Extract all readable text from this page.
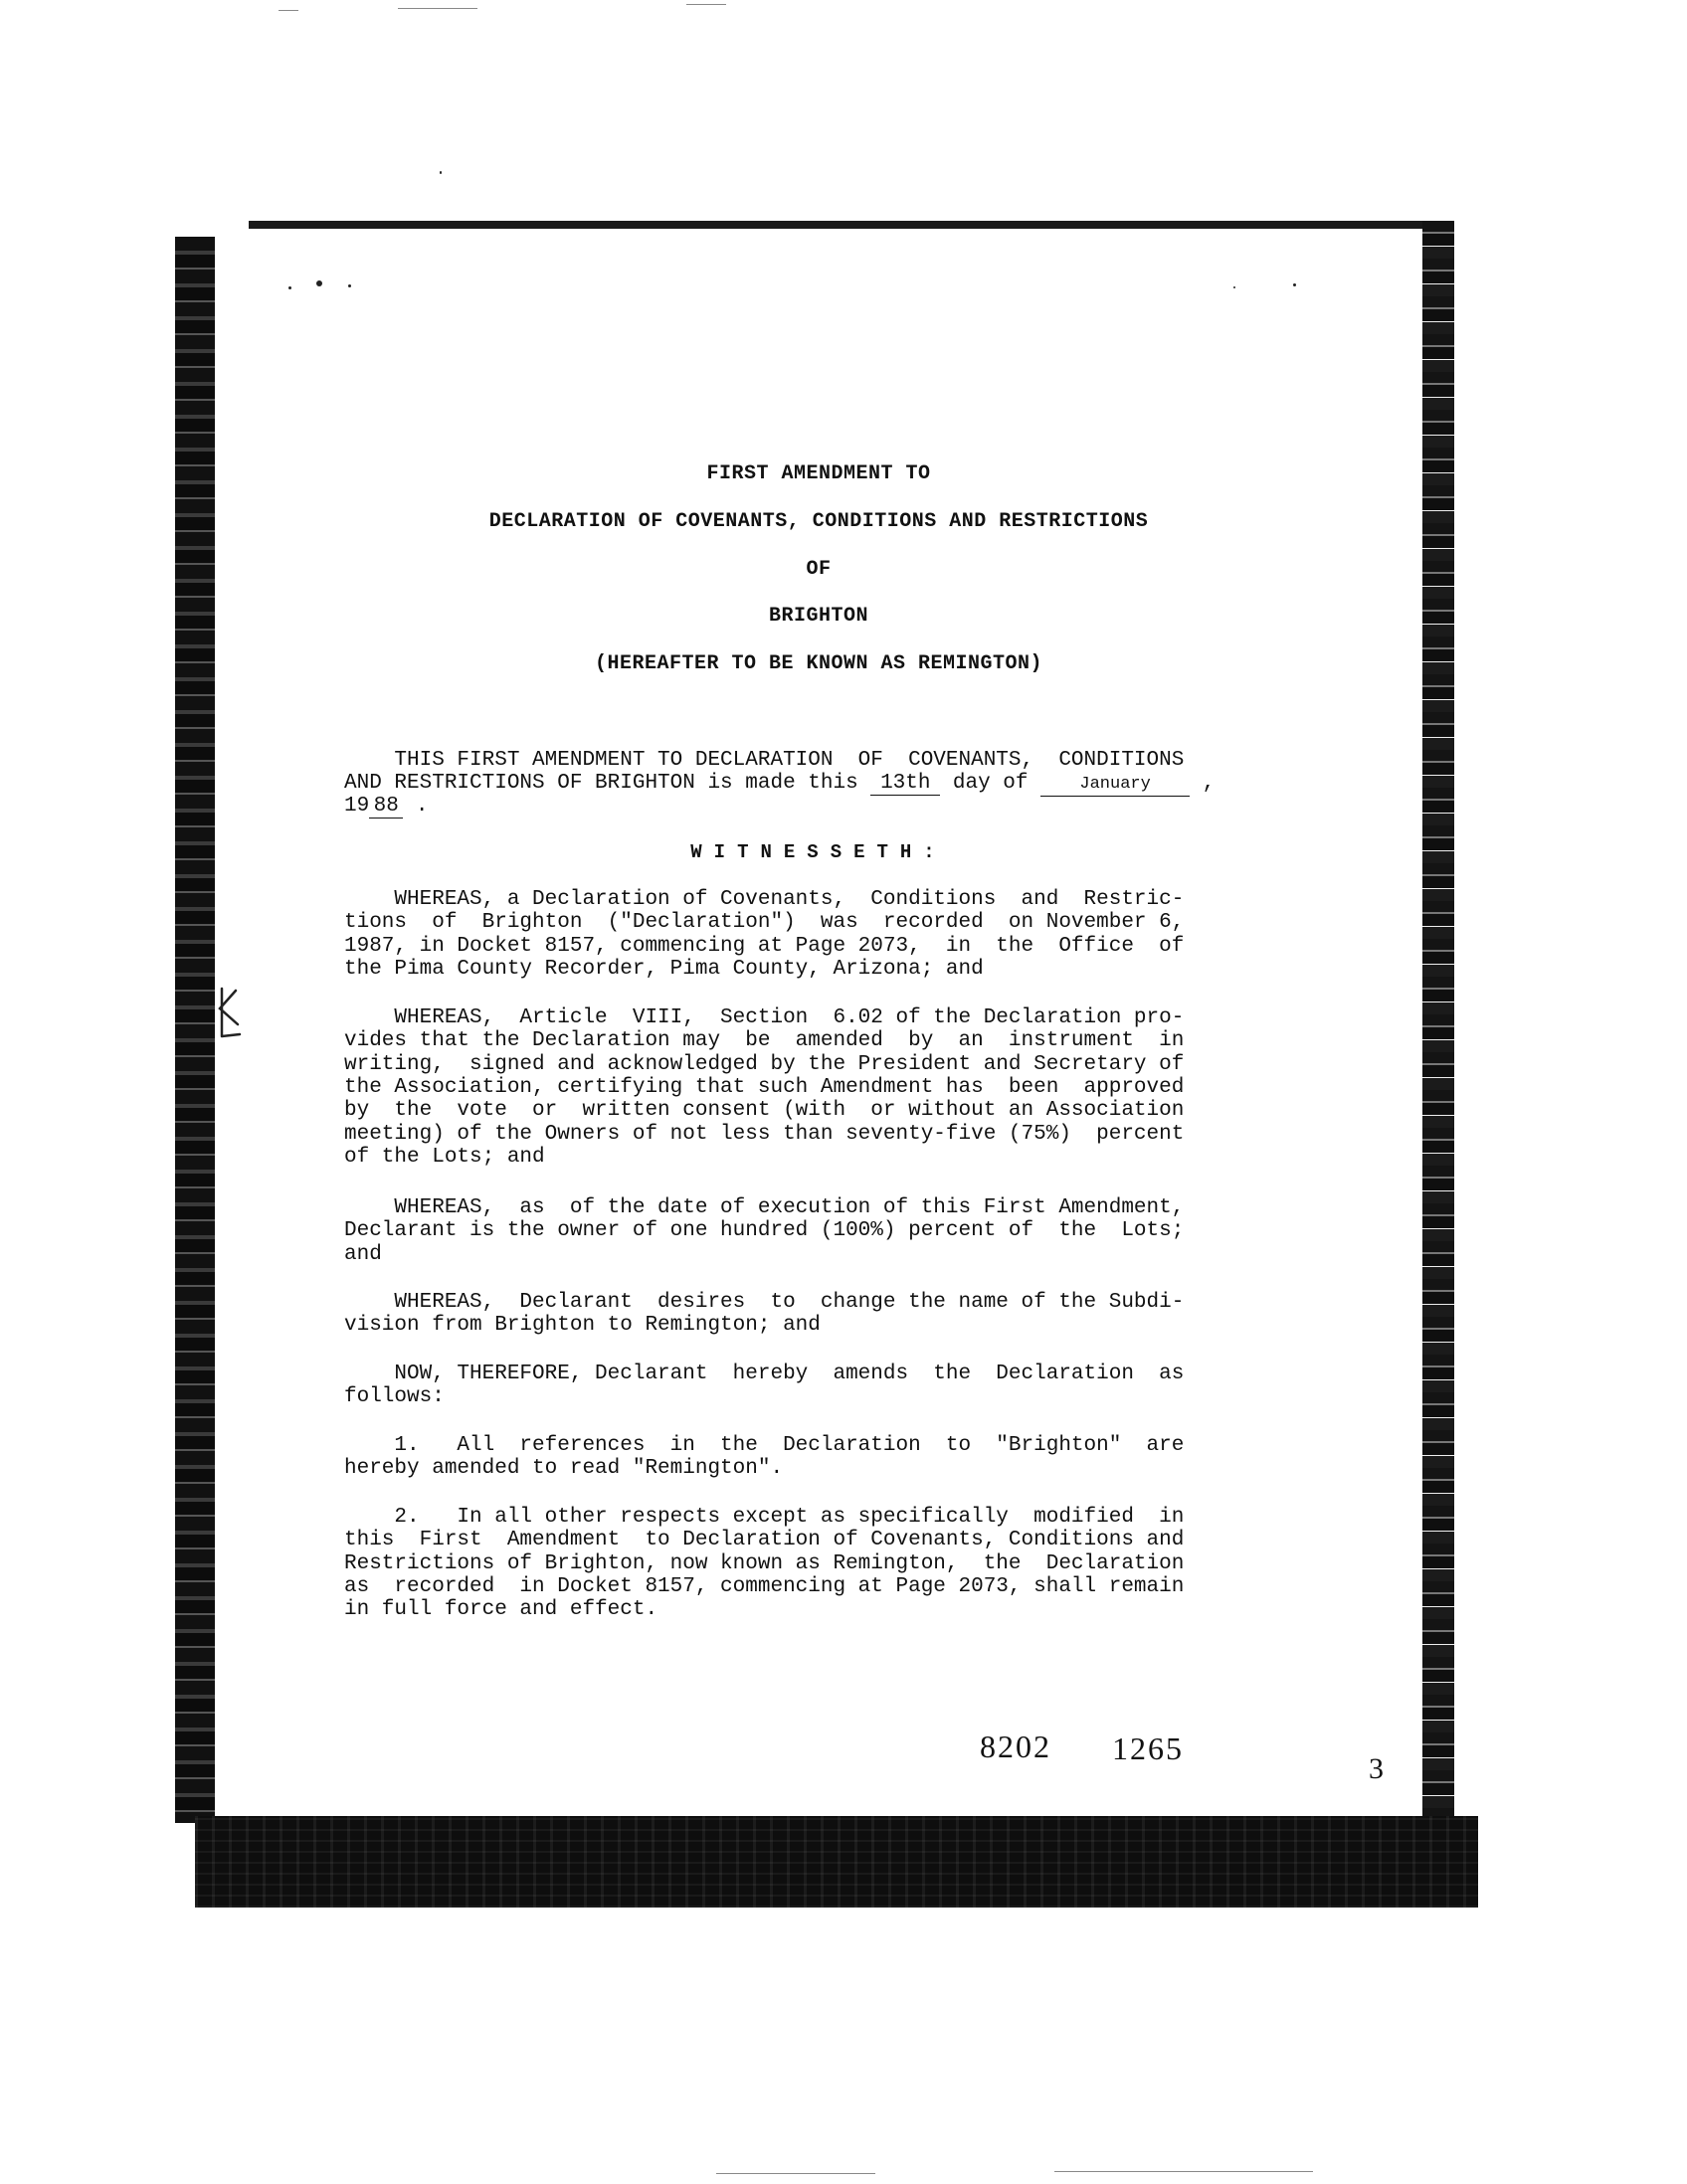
FIRST AMENDMENT TO
DECLARATION OF COVENANTS, CONDITIONS AND RESTRICTIONS
OF
BRIGHTON
(HEREAFTER TO BE KNOWN AS REMINGTON)
THIS FIRST AMENDMENT TO DECLARATION  OF  COVENANTS,  CONDITIONS
AND RESTRICTIONS OF BRIGHTON is made this 13th day of January ,
19 88 .
WITNESSETH:
WHEREAS, a Declaration of Covenants,  Conditions  and  Restric-
tions  of  Brighton  ("Declaration")  was  recorded  on November 6,
1987, in Docket 8157, commencing at Page 2073,  in  the  Office  of
the Pima County Recorder, Pima County, Arizona; and
WHEREAS,  Article  VIII,  Section  6.02 of the Declaration pro-
vides that the Declaration may  be  amended  by  an  instrument  in
writing,  signed and acknowledged by the President and Secretary of
the Association, certifying that such Amendment has  been  approved
by  the  vote  or  written consent (with  or without an Association
meeting) of the Owners of not less than seventy-five (75%)  percent
of the Lots; and
WHEREAS,  as  of the date of execution of this First Amendment,
Declarant is the owner of one hundred (100%) percent of  the  Lots;
and
WHEREAS,  Declarant  desires  to  change the name of the Subdi-
vision from Brighton to Remington; and
NOW, THEREFORE, Declarant  hereby  amends  the  Declaration  as
follows:
1.   All  references  in  the  Declaration  to  "Brighton"  are
hereby amended to read "Remington".
2.   In all other respects except as specifically  modified  in
this  First  Amendment  to Declaration of Covenants, Conditions and
Restrictions of Brighton, now known as Remington,  the  Declaration
as  recorded  in Docket 8157, commencing at Page 2073, shall remain
in full force and effect.
8202 1265
3
